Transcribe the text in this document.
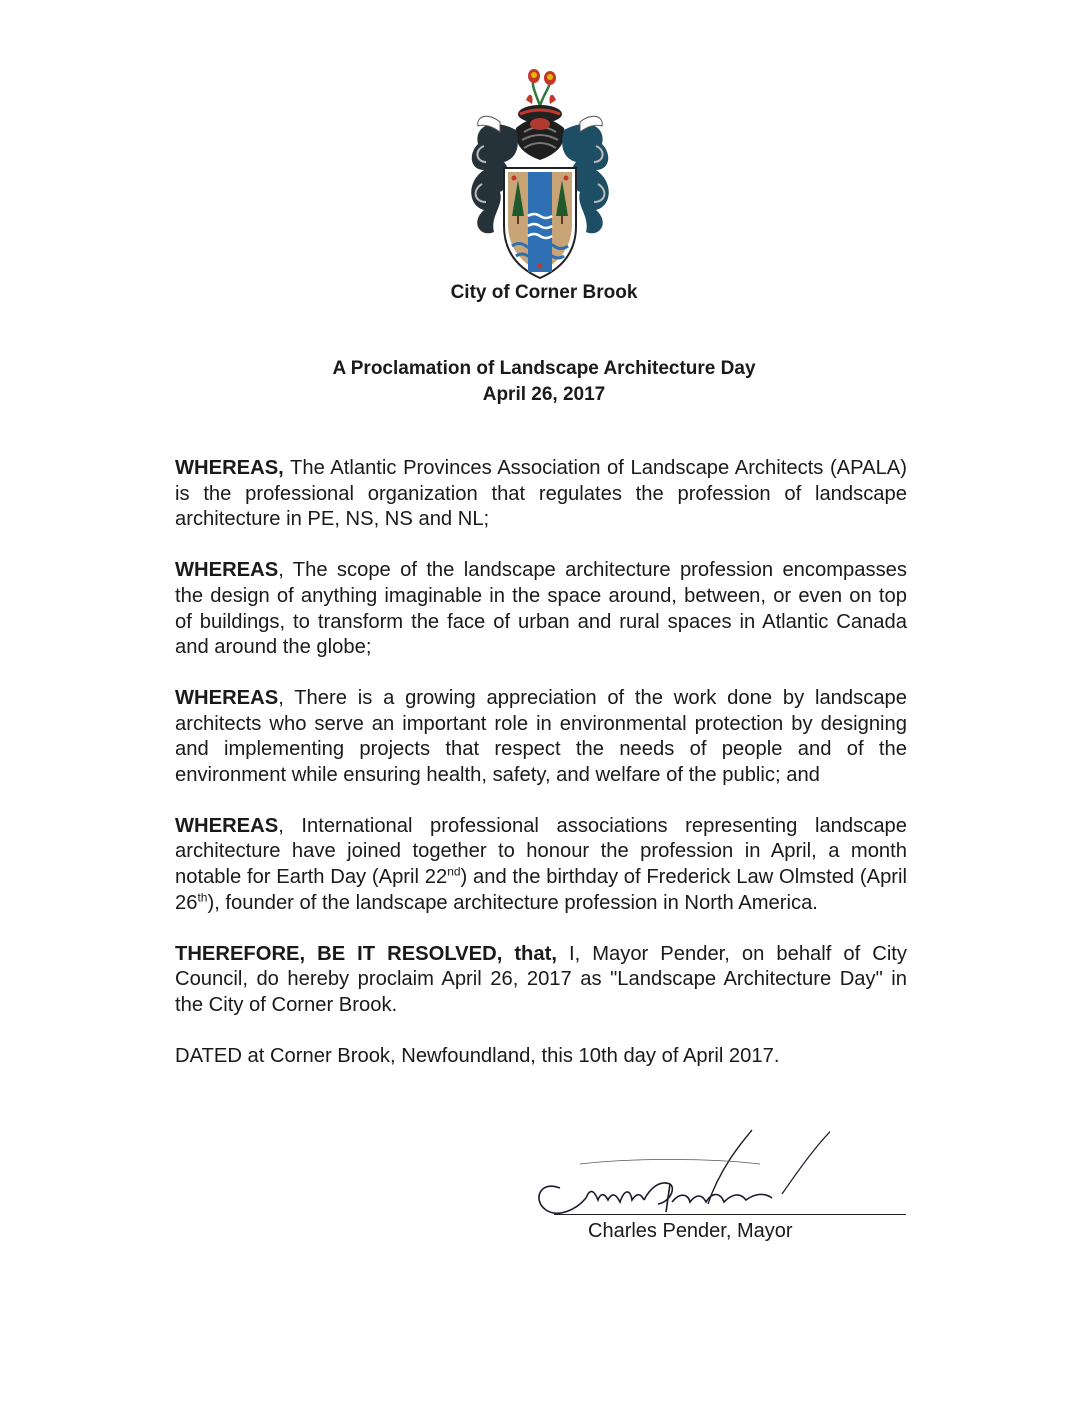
City of Corner Brook
A Proclamation of Landscape Architecture Day
April 26, 2017

WHEREAS, The Atlantic Provinces Association of Landscape Architects (APALA) is the professional organization that regulates the profession of landscape architecture in PE, NS, NS and NL;

WHEREAS, The scope of the landscape architecture profession encompasses the design of anything imaginable in the space around, between, or even on top of buildings, to transform the face of urban and rural spaces in Atlantic Canada and around the globe;

WHEREAS, There is a growing appreciation of the work done by landscape architects who serve an important role in environmental protection by designing and implementing projects that respect the needs of people and of the environment while ensuring health, safety, and welfare of the public; and

WHEREAS, International professional associations representing landscape architecture have joined together to honour the profession in April, a month notable for Earth Day (April 22nd) and the birthday of Frederick Law Olmsted (April 26th), founder of the landscape architecture profession in North America.

THEREFORE, BE IT RESOLVED, that, I, Mayor Pender, on behalf of City Council, do hereby proclaim April 26, 2017 as "Landscape Architecture Day" in the City of Corner Brook.

DATED at Corner Brook, Newfoundland, this 10th day of April 2017.

Charles Pender, Mayor
